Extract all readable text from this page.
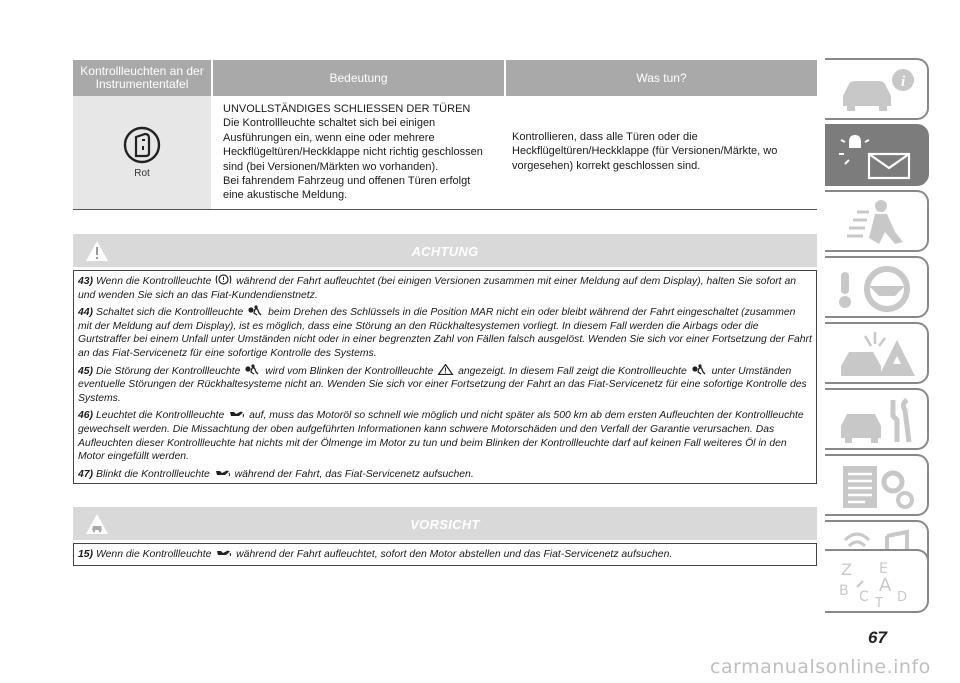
Kontrollleuchten an der Instrumententafel	Bedeutung	Was tun?
Rot
UNVOLLSTÄNDIGES SCHLIESSEN DER TÜREN
Die Kontrollleuchte schaltet sich bei einigen
Ausführungen ein, wenn eine oder mehrere
Heckflügeltüren/Heckklappe nicht richtig geschlossen
sind (bei Versionen/Märkten wo vorhanden).
Bei fahrendem Fahrzeug und offenen Türen erfolgt
eine akustische Meldung.
Kontrollieren, dass alle Türen oder die
Heckflügeltüren/Heckklappe (für Versionen/Märkte, wo
vorgesehen) korrekt geschlossen sind.
ACHTUNG

43) Wenn die Kontrollleuchte während der Fahrt aufleuchtet (bei einigen Versionen zusammen mit einer Meldung auf dem Display), halten Sie sofort an und wenden Sie sich an das Fiat-Kundendienstnetz.

44) Schaltet sich die Kontrollleuchte beim Drehen des Schlüssels in die Position MAR nicht ein oder bleibt während der Fahrt eingeschaltet (zusammen mit der Meldung auf dem Display), ist es möglich, dass eine Störung an den Rückhaltesystemen vorliegt. In diesem Fall werden die Airbags oder die Gurtstraffer bei einem Unfall unter Umständen nicht oder in einer begrenzten Zahl von Fällen falsch ausgelöst. Wenden Sie sich vor einer Fortsetzung der Fahrt an das Fiat-Servicenetz für eine sofortige Kontrolle des Systems.

45) Die Störung der Kontrollleuchte wird vom Blinken der Kontrollleuchte angezeigt. In diesem Fall zeigt die Kontrollleuchte unter Umständen eventuelle Störungen der Rückhaltesysteme nicht an. Wenden Sie sich vor einer Fortsetzung der Fahrt an das Fiat-Servicenetz für eine sofortige Kontrolle des Systems.

46) Leuchtet die Kontrollleuchte auf, muss das Motoröl so schnell wie möglich und nicht später als 500 km ab dem ersten Aufleuchten der Kontrollleuchte gewechselt werden. Die Missachtung der oben aufgeführten Informationen kann schwere Motorschäden und den Verfall der Garantie verursachen. Das Aufleuchten dieser Kontrollleuchte hat nichts mit der Ölmenge im Motor zu tun und beim Blinken der Kontrollleuchte darf auf keinen Fall weiteres Öl in den Motor eingefüllt werden.

47) Blinkt die Kontrollleuchte während der Fahrt, das Fiat-Servicenetz aufsuchen.

VORSICHT

15) Wenn die Kontrollleuchte während der Fahrt aufleuchtet, sofort den Motor abstellen und das Fiat-Servicenetz aufsuchen.

i
Z E
B A
C D
T
67
carmanualsonline.info
